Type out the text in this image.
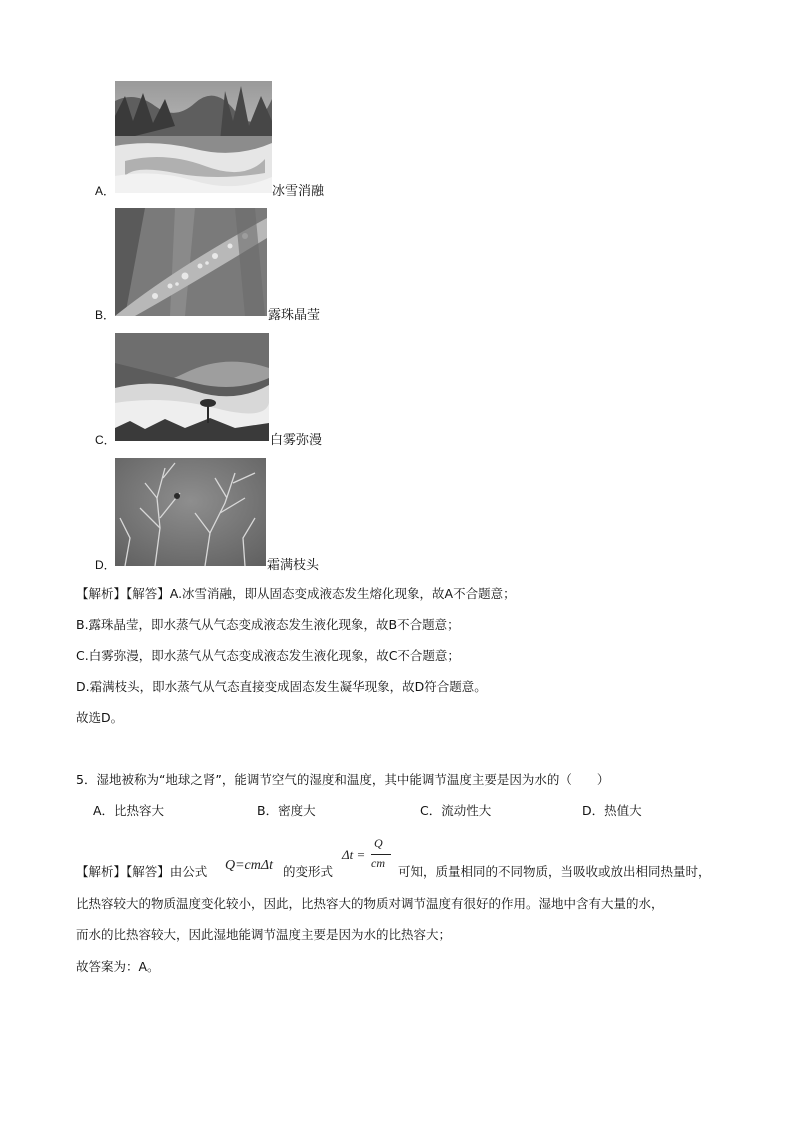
A．	冰雪消融
B．	露珠晶莹
C．	白雾弥漫
D．	霜满枝头
【解析】【解答】A.冰雪消融，即从固态变成液态发生熔化现象，故A不合题意；
B.露珠晶莹，即水蒸气从气态变成液态发生液化现象，故B不合题意；
C.白雾弥漫，即水蒸气从气态变成液态发生液化现象，故C不合题意；
D.霜满枝头，即水蒸气从气态直接变成固态发生凝华现象，故D符合题意。
故选D。
5．湿地被称为“地球之肾”，能调节空气的湿度和温度，其中能调节温度主要是因为水的（　　）
A．比热容大	B．密度大	C．流动性大	D．热值大
【解析】【解答】由公式 Q=cmΔt 的变形式
Δt =
Q
cm
可知，质量相同的不同物质，当吸收或放出相同热量时，
比热容较大的物质温度变化较小，因此，比热容大的物质对调节温度有很好的作用。湿地中含有大量的水，
而水的比热容较大，因此湿地能调节温度主要是因为水的比热容大；
故答案为：A。
